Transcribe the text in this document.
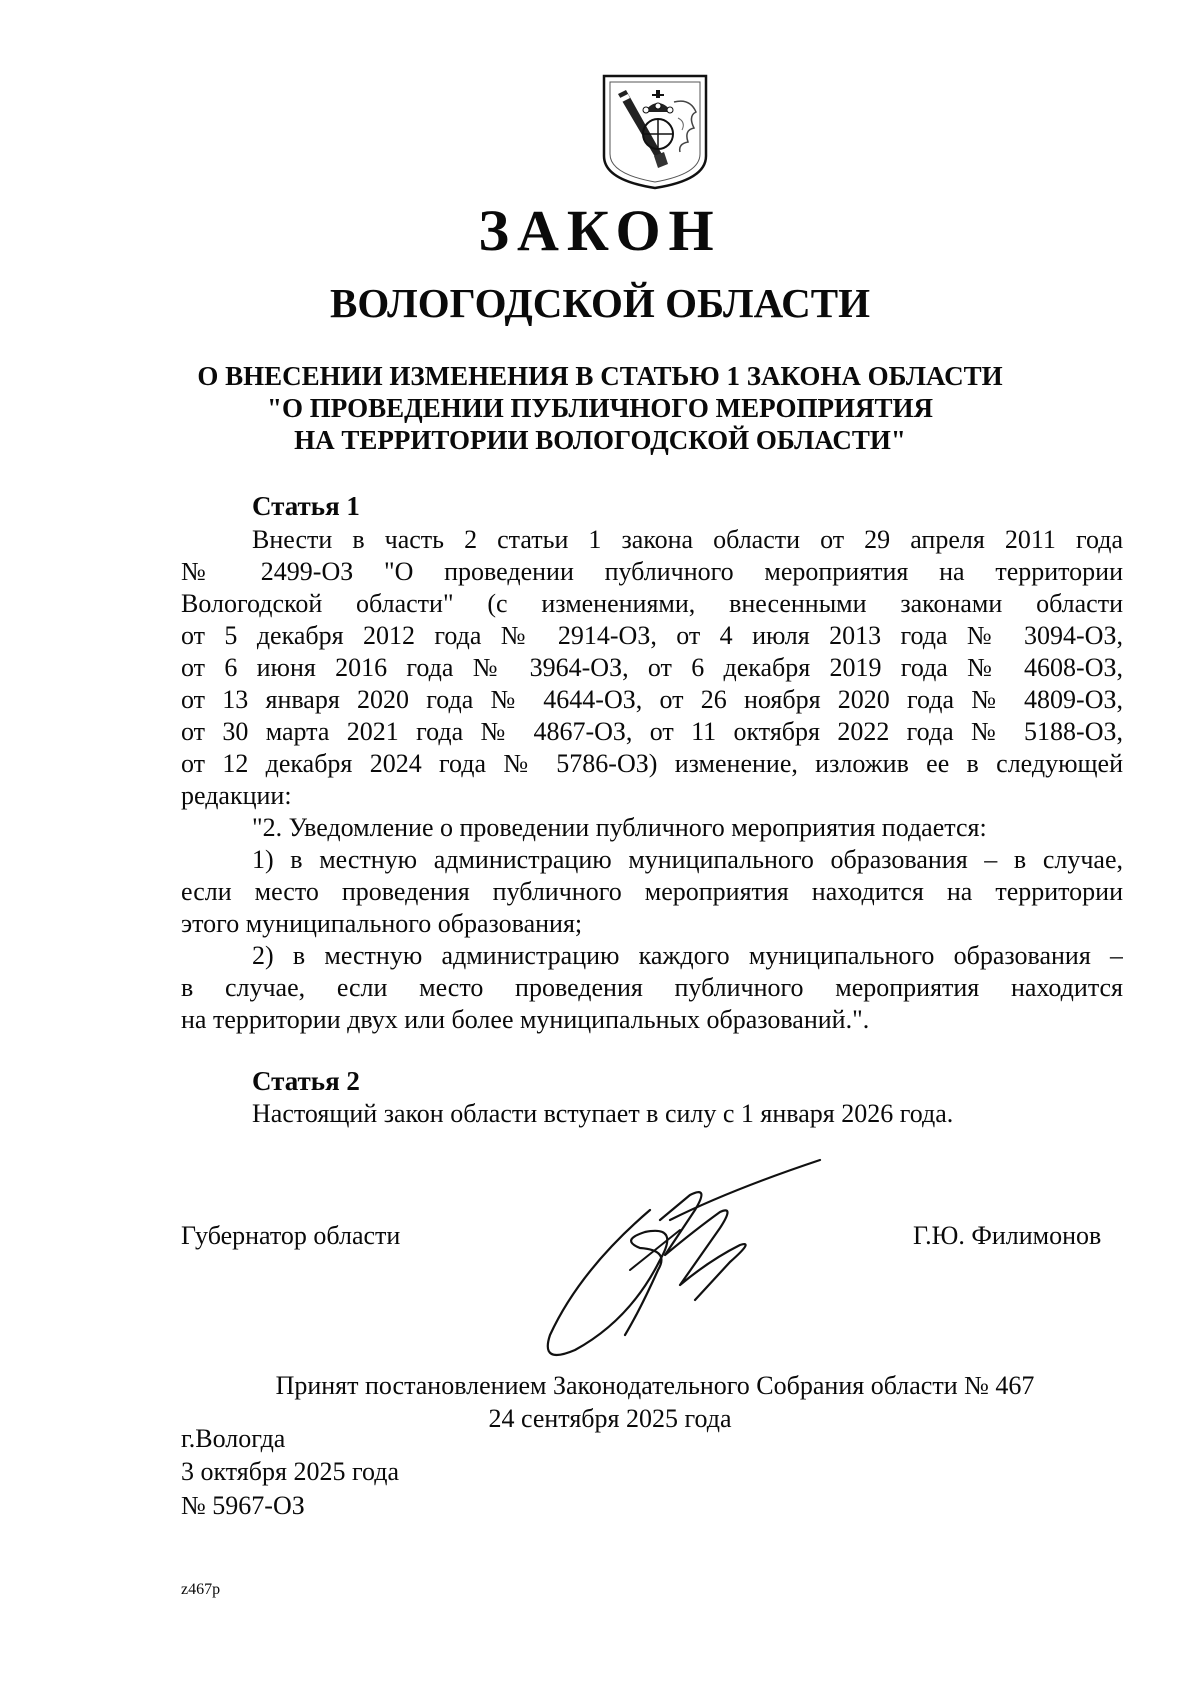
ЗАКОН
ВОЛОГОДСКОЙ ОБЛАСТИ
О ВНЕСЕНИИ ИЗМЕНЕНИЯ В СТАТЬЮ 1 ЗАКОНА ОБЛАСТИ
"О ПРОВЕДЕНИИ ПУБЛИЧНОГО МЕРОПРИЯТИЯ
НА ТЕРРИТОРИИ ВОЛОГОДСКОЙ ОБЛАСТИ"
Статья 1
Внести в часть 2 статьи 1 закона области от 29 апреля 2011 года
№ 2499-ОЗ "О проведении публичного мероприятия на территории
Вологодской области" (с изменениями, внесенными законами области
от 5 декабря 2012 года № 2914-ОЗ, от 4 июля 2013 года № 3094-ОЗ,
от 6 июня 2016 года № 3964-ОЗ, от 6 декабря 2019 года № 4608-ОЗ,
от 13 января 2020 года № 4644-ОЗ, от 26 ноября 2020 года № 4809-ОЗ,
от 30 марта 2021 года № 4867-ОЗ, от 11 октября 2022 года № 5188-ОЗ,
от 12 декабря 2024 года № 5786-ОЗ) изменение, изложив ее в следующей
редакции:
"2. Уведомление о проведении публичного мероприятия подается:
1) в местную администрацию муниципального образования – в случае,
если место проведения публичного мероприятия находится на территории
этого муниципального образования;
2) в местную администрацию каждого муниципального образования –
в случае, если место проведения публичного мероприятия находится
на территории двух или более муниципальных образований.".
Статья 2
Настоящий закон области вступает в силу с 1 января 2026 года.
Губернатор области	Г.Ю. Филимонов
Принят постановлением Законодательного Собрания области № 467
24 сентября 2025 года
г.Вологда
3 октября 2025 года
№ 5967-ОЗ
z467p
